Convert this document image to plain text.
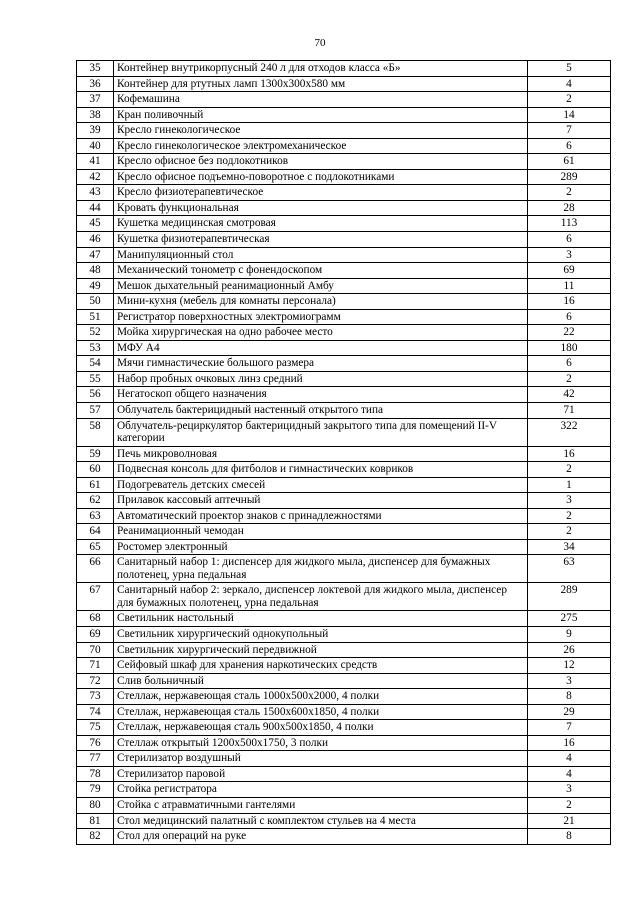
70
35	Контейнер внутрикорпусный 240 л для отходов класса «Б»	5
36	Контейнер для ртутных ламп 1300х300х580 мм	4
37	Кофемашина	2
38	Кран поливочный	14
39	Кресло гинекологическое	7
40	Кресло гинекологическое электромеханическое	6
41	Кресло офисное без подлокотников	61
42	Кресло офисное подъемно-поворотное с подлокотниками	289
43	Кресло физиотерапевтическое	2
44	Кровать функциональная	28
45	Кушетка медицинская смотровая	113
46	Кушетка физиотерапевтическая	6
47	Манипуляционный стол	3
48	Механический тонометр с фонендоскопом	69
49	Мешок дыхательный реанимационный Амбу	11
50	Мини-кухня (мебель для комнаты персонала)	16
51	Регистратор поверхностных электромиограмм	6
52	Мойка хирургическая на одно рабочее место	22
53	МФУ А4	180
54	Мячи гимнастические большого размера	6
55	Набор пробных очковых линз средний	2
56	Негатоскоп общего назначения	42
57	Облучатель бактерицидный настенный открытого типа	71
58	Облучатель-рециркулятор бактерицидный закрытого типа для помещений II-V категории	322
59	Печь микроволновая	16
60	Подвесная консоль для фитболов и гимнастических ковриков	2
61	Подогреватель детских смесей	1
62	Прилавок кассовый аптечный	3
63	Автоматический проектор знаков с принадлежностями	2
64	Реанимационный чемодан	2
65	Ростомер электронный	34
66	Санитарный набор 1: диспенсер для жидкого мыла, диспенсер для бумажных полотенец, урна педальная	63
67	Санитарный набор 2: зеркало, диспенсер локтевой для жидкого мыла, диспенсер для бумажных полотенец, урна педальная	289
68	Светильник настольный	275
69	Светильник хирургический однокупольный	9
70	Светильник хирургический передвижной	26
71	Сейфовый шкаф для хранения наркотических средств	12
72	Слив больничный	3
73	Стеллаж, нержавеющая сталь 1000х500х2000, 4 полки	8
74	Стеллаж, нержавеющая сталь 1500х600х1850, 4 полки	29
75	Стеллаж, нержавеющая сталь 900х500х1850, 4 полки	7
76	Стеллаж открытый 1200х500х1750, 3 полки	16
77	Стерилизатор воздушный	4
78	Стерилизатор паровой	4
79	Стойка регистратора	3
80	Стойка с атравматичными гантелями	2
81	Стол медицинский палатный с комплектом стульев на 4 места	21
82	Стол для операций на руке	8
